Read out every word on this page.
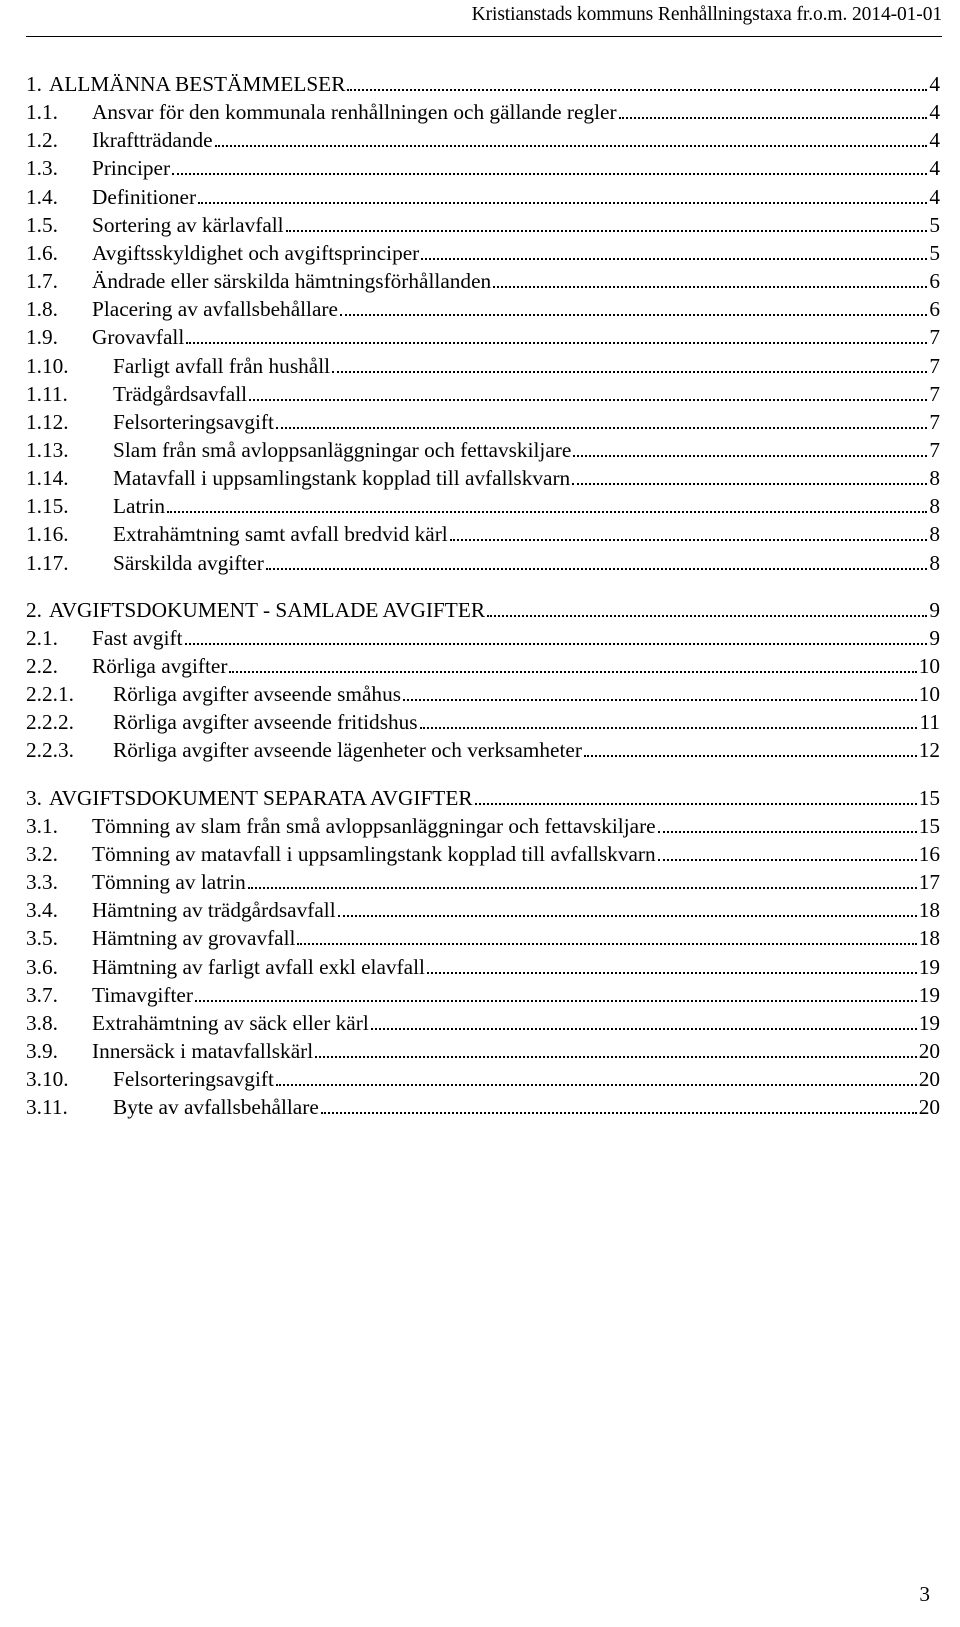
Kristianstads kommuns Renhållningstaxa fr.o.m. 2014-01-01
1. ALLMÄNNA BESTÄMMELSER	4
1.1.	Ansvar för den kommunala renhållningen och gällande regler	4
1.2.	Ikraftträdande	4
1.3.	Principer	4
1.4.	Definitioner	4
1.5.	Sortering av kärlavfall	5
1.6.	Avgiftsskyldighet och avgiftsprinciper	5
1.7.	Ändrade eller särskilda hämtningsförhållanden	6
1.8.	Placering av avfallsbehållare	6
1.9.	Grovavfall	7
1.10.	Farligt avfall från hushåll	7
1.11.	Trädgårdsavfall	7
1.12.	Felsorteringsavgift	7
1.13.	Slam från små avloppsanläggningar och fettavskiljare	7
1.14.	Matavfall i uppsamlingstank kopplad till avfallskvarn	8
1.15.	Latrin	8
1.16.	Extrahämtning samt avfall bredvid kärl	8
1.17.	Särskilda avgifter	8
2. AVGIFTSDOKUMENT - SAMLADE AVGIFTER	9
2.1.	Fast avgift	9
2.2.	Rörliga avgifter	10
2.2.1.	Rörliga avgifter avseende småhus	10
2.2.2.	Rörliga avgifter avseende fritidshus	11
2.2.3.	Rörliga avgifter avseende lägenheter och verksamheter	12
3. AVGIFTSDOKUMENT SEPARATA AVGIFTER	15
3.1.	Tömning av slam från små avloppsanläggningar och fettavskiljare	15
3.2.	Tömning av matavfall i uppsamlingstank kopplad till avfallskvarn	16
3.3.	Tömning av latrin	17
3.4.	Hämtning av trädgårdsavfall	18
3.5.	Hämtning av grovavfall	18
3.6.	Hämtning av farligt avfall exkl elavfall	19
3.7.	Timavgifter	19
3.8.	Extrahämtning av säck eller kärl	19
3.9.	Innersäck i matavfallskärl	20
3.10.	Felsorteringsavgift	20
3.11.	Byte av avfallsbehållare	20
3
